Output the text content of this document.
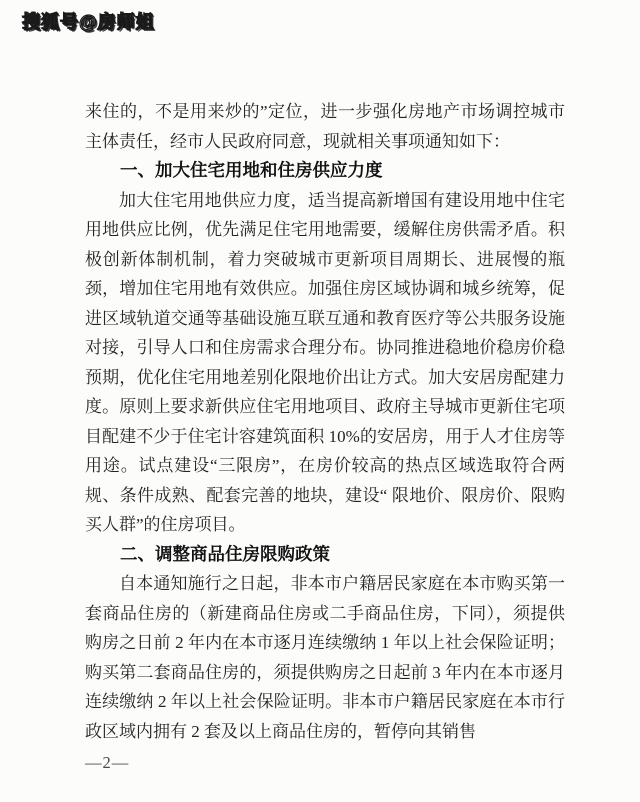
搜狐号@房师姐

来住的，不是用来炒的”定位，进一步强化房地产市场调控城市主体责任，经市人民政府同意，现就相关事项通知如下：

一、加大住宅用地和住房供应力度

加大住宅用地供应力度，适当提高新增国有建设用地中住宅用地供应比例，优先满足住宅用地需要，缓解住房供需矛盾。积极创新体制机制，着力突破城市更新项目周期长、进展慢的瓶颈，增加住宅用地有效供应。加强住房区域协调和城乡统筹，促进区域轨道交通等基础设施互联互通和教育医疗等公共服务设施对接，引导人口和住房需求合理分布。协同推进稳地价稳房价稳预期，优化住宅用地差别化限地价出让方式。加大安居房配建力度。原则上要求新供应住宅用地项目、政府主导城市更新住宅项目配建不少于住宅计容建筑面积 10%的安居房，用于人才住房等用途。试点建设“三限房”，在房价较高的热点区域选取符合两规、条件成熟、配套完善的地块，建设“ 限地价、限房价、限购买人群”的住房项目。

二、调整商品住房限购政策

自本通知施行之日起，非本市户籍居民家庭在本市购买第一套商品住房的（新建商品住房或二手商品住房，下同），须提供购房之日前 2 年内在本市逐月连续缴纳 1 年以上社会保险证明；购买第二套商品住房的，须提供购房之日起前 3 年内在本市逐月连续缴纳 2 年以上社会保险证明。非本市户籍居民家庭在本市行政区域内拥有 2 套及以上商品住房的，暂停向其销售

—2—
